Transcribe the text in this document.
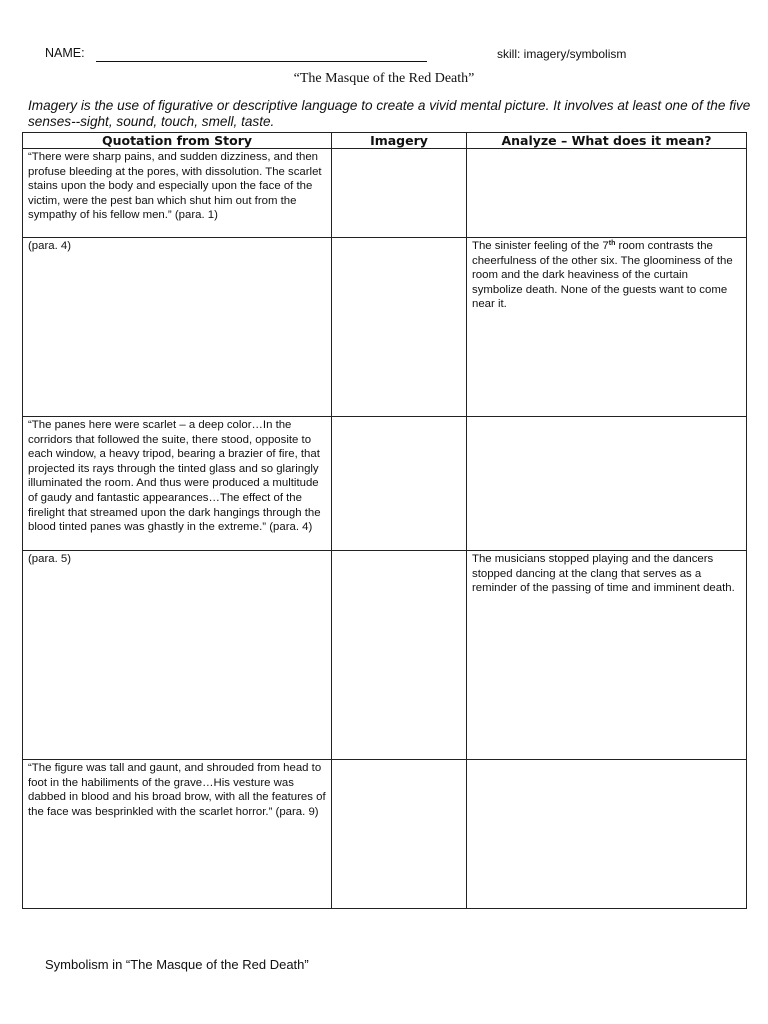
NAME:	skill: imagery/symbolism
“The Masque of the Red Death”
Imagery is the use of figurative or descriptive language to create a vivid mental picture. It involves at least one of the five senses--sight, sound, touch, smell, taste.
Quotation from Story	Imagery	Analyze – What does it mean?
“There were sharp pains, and sudden dizziness, and then profuse bleeding at the pores, with dissolution. The scarlet stains upon the body and especially upon the face of the victim, were the pest ban which shut him out from the sympathy of his fellow men.” (para. 1)		
(para. 4)		The sinister feeling of the 7th room contrasts the cheerfulness of the other six. The gloominess of the room and the dark heaviness of the curtain symbolize death. None of the guests want to come near it.
“The panes here were scarlet – a deep color…In the corridors that followed the suite, there stood, opposite to each window, a heavy tripod, bearing a brazier of fire, that projected its rays through the tinted glass and so glaringly illuminated the room. And thus were produced a multitude of gaudy and fantastic appearances…The effect of the firelight that streamed upon the dark hangings through the blood tinted panes was ghastly in the extreme.” (para. 4)		
(para. 5)		The musicians stopped playing and the dancers stopped dancing at the clang that serves as a reminder of the passing of time and imminent death.
“The figure was tall and gaunt, and shrouded from head to foot in the habiliments of the grave…His vesture was dabbed in blood and his broad brow, with all the features of the face was besprinkled with the scarlet horror.” (para. 9)		
Symbolism in “The Masque of the Red Death”
